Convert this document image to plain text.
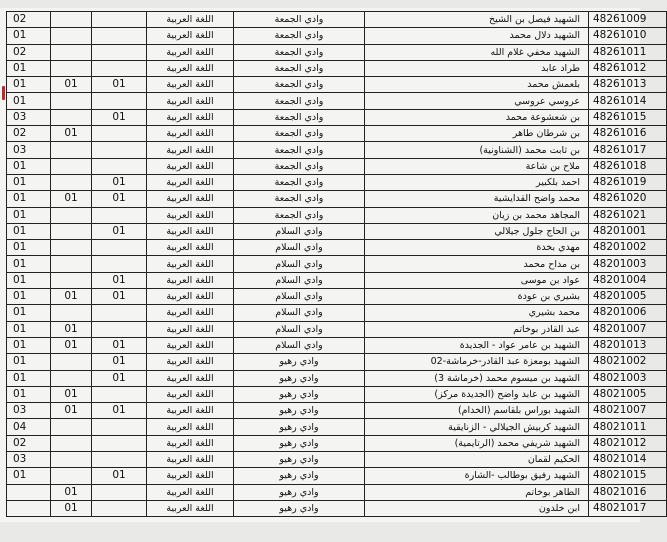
02			اللغة العربية	وادي الجمعة	الشهيد فيصل بن الشيخ	48261009
01			اللغة العربية	وادي الجمعة	الشهيد دلال محمد	48261010
02			اللغة العربية	وادي الجمعة	الشهيد مخفي غلام الله	48261011
01			اللغة العربية	وادي الجمعة	طراد عابد	48261012
01	01	01	اللغة العربية	وادي الجمعة	بلعمش محمد	48261013
01			اللغة العربية	وادي الجمعة	عروسي عروسي	48261014
03		01	اللغة العربية	وادي الجمعة	بن شعشوعة محمد	48261015
02	01		اللغة العربية	وادي الجمعة	بن شرطان طاهر	48261016
03			اللغة العربية	وادي الجمعة	بن ثابت محمد (الشناونية)	48261017
01			اللغة العربية	وادي الجمعة	ملاح بن شاعة	48261018
01		01	اللغة العربية	وادي الجمعة	احمد بلكبير	48261019
01	01	01	اللغة العربية	وادي الجمعة	محمد واضح القدايشية	48261020
01			اللغة العربية	وادي الجمعة	المجاهد محمد بن زيان	48261021
01		01	اللغة العربية	وادي السلام	بن الحاج جلول جيلالي	48201001
01			اللغة العربية	وادي السلام	مهدي بخدة	48201002
01			اللغة العربية	وادي السلام	بن مداح محمد	48201003
01		01	اللغة العربية	وادي السلام	عواد بن موسى	48201004
01	01	01	اللغة العربية	وادي السلام	بشيري بن عودة	48201005
01			اللغة العربية	وادي السلام	محمد بشيري	48201006
01	01		اللغة العربية	وادي السلام	عبد القادر بوخاتم	48201007
01	01	01	اللغة العربية	وادي السلام	الشهيد بن عامر عواد - الجديدة	48201013
01		01	اللغة العربية	وادي رهيو	الشهيد بومعزة عبد القادر-خرماشة-02	48021002
01		01	اللغة العربية	وادي رهيو	الشهيد بن ميسوم محمد (خرماشة 3)	48021003
01	01		اللغة العربية	وادي رهيو	الشهيد بن عابد واضح (الجديدة مركز)	48021005
03	01	01	اللغة العربية	وادي رهيو	الشهيد بوراس بلقاسم (الخدام)	48021007
04			اللغة العربية	وادي رهيو	الشهيد كربيش الجيلالي - الزنايقية	48021011
02			اللغة العربية	وادي رهيو	الشهيد شريفي محمد (الرتايمية)	48021012
03			اللغة العربية	وادي رهيو	الحكيم لقمان	48021014
01		01	اللغة العربية	وادي رهيو	الشهيد رفيق بوطالب -الشارة	48021015
	01		اللغة العربية	وادي رهيو	الطاهر بوخاتم	48021016
	01		اللغة العربية	وادي رهيو	ابن خلدون	48021017
